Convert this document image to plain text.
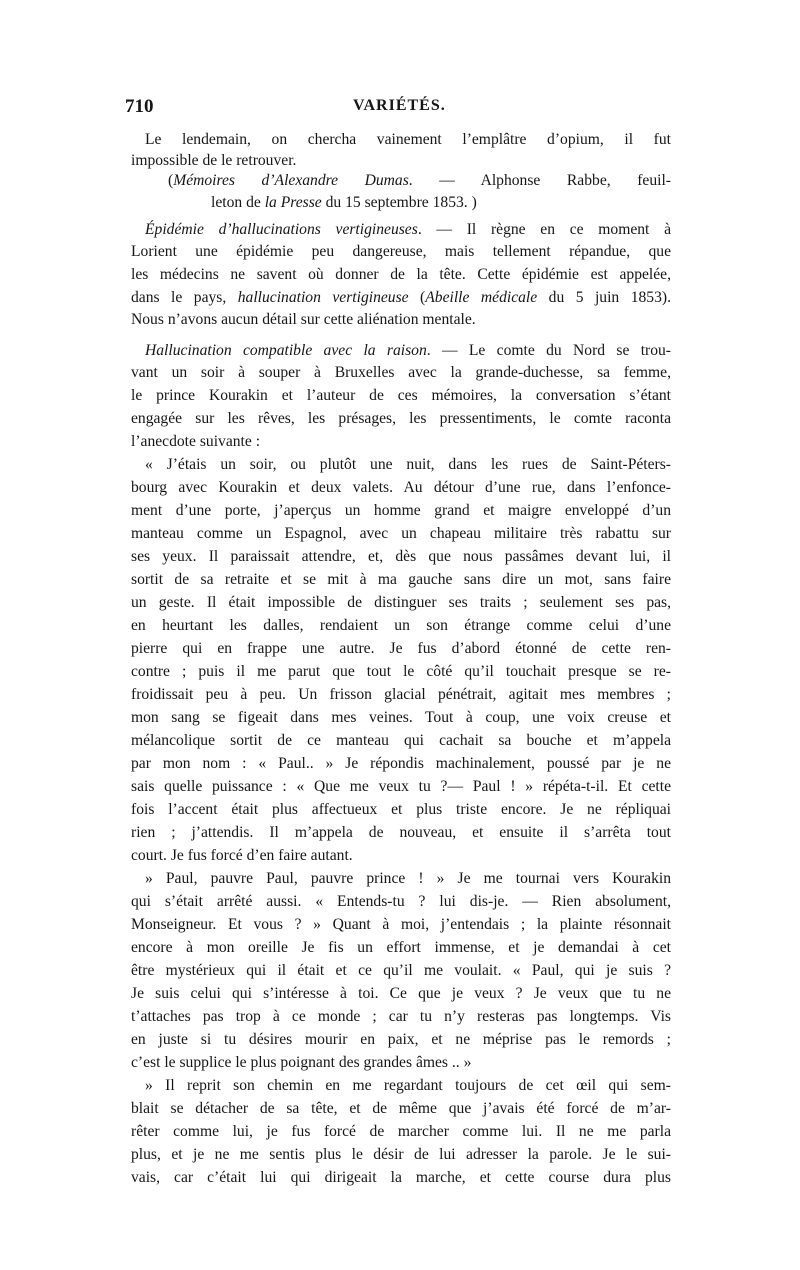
710	VARIÉTÉS.
Le lendemain, on chercha vainement l’emplâtre d’opium, il fut
impossible de le retrouver.
(Mémoires d’Alexandre Dumas. — Alphonse Rabbe, feuil-
leton de la Presse du 15 septembre 1853. )
Épidémie d’hallucinations vertigineuses. — Il règne en ce moment à
Lorient une épidémie peu dangereuse, mais tellement répandue, que
les médecins ne savent où donner de la tête. Cette épidémie est appelée,
dans le pays, hallucination vertigineuse (Abeille médicale du 5 juin 1853).
Nous n’avons aucun détail sur cette aliénation mentale.
Hallucination compatible avec la raison. — Le comte du Nord se trou-
vant un soir à souper à Bruxelles avec la grande-duchesse, sa femme,
le prince Kourakin et l’auteur de ces mémoires, la conversation s’étant
engagée sur les rêves, les présages, les pressentiments, le comte raconta
l’anecdote suivante :
« J’étais un soir, ou plutôt une nuit, dans les rues de Saint-Péters-
bourg avec Kourakin et deux valets. Au détour d’une rue, dans l’enfonce-
ment d’une porte, j’aperçus un homme grand et maigre enveloppé d’un
manteau comme un Espagnol, avec un chapeau militaire très rabattu sur
ses yeux. Il paraissait attendre, et, dès que nous passâmes devant lui, il
sortit de sa retraite et se mit à ma gauche sans dire un mot, sans faire
un geste. Il était impossible de distinguer ses traits ; seulement ses pas,
en heurtant les dalles, rendaient un son étrange comme celui d’une
pierre qui en frappe une autre. Je fus d’abord étonné de cette ren-
contre ; puis il me parut que tout le côté qu’il touchait presque se re-
froidissait peu à peu. Un frisson glacial pénétrait, agitait mes membres ;
mon sang se figeait dans mes veines. Tout à coup, une voix creuse et
mélancolique sortit de ce manteau qui cachait sa bouche et m’appela
par mon nom : « Paul.. » Je répondis machinalement, poussé par je ne
sais quelle puissance : « Que me veux tu ?— Paul ! » répéta-t-il. Et cette
fois l’accent était plus affectueux et plus triste encore. Je ne répliquai
rien ; j’attendis. Il m’appela de nouveau, et ensuite il s’arrêta tout
court. Je fus forcé d’en faire autant.
» Paul, pauvre Paul, pauvre prince ! » Je me tournai vers Kourakin
qui s’était arrêté aussi. « Entends-tu ? lui dis-je. — Rien absolument,
Monseigneur. Et vous ? » Quant à moi, j’entendais ; la plainte résonnait
encore à mon oreille Je fis un effort immense, et je demandai à cet
être mystérieux qui il était et ce qu’il me voulait. « Paul, qui je suis ?
Je suis celui qui s’intéresse à toi. Ce que je veux ? Je veux que tu ne
t’attaches pas trop à ce monde ; car tu n’y resteras pas longtemps. Vis
en juste si tu désires mourir en paix, et ne méprise pas le remords ;
c’est le supplice le plus poignant des grandes âmes .. »
» Il reprit son chemin en me regardant toujours de cet œil qui sem-
blait se détacher de sa tête, et de même que j’avais été forcé de m’ar-
rêter comme lui, je fus forcé de marcher comme lui. Il ne me parla
plus, et je ne me sentis plus le désir de lui adresser la parole. Je le sui-
vais, car c’était lui qui dirigeait la marche, et cette course dura plus
